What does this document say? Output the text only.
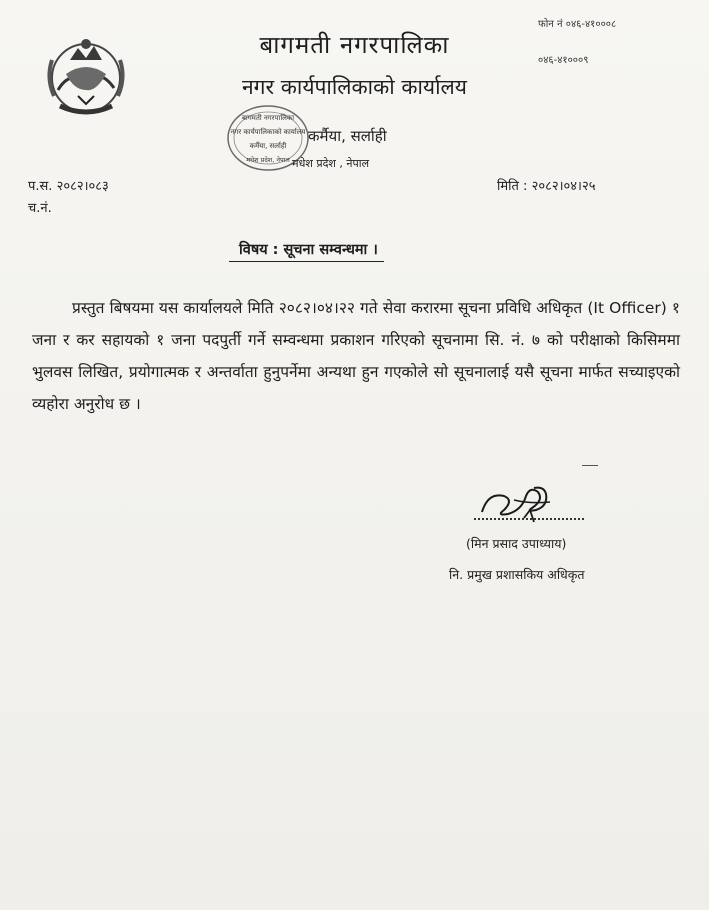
बागमती नगरपालिका
नगर कार्यपालिकाको कार्यालय
कर्मैया, सर्लाही
मधेश प्रदेश , नेपाल
फोन नं ०४६-४१०००८
०४६-४१०००९
बागमती नगरपालिका
नगर कार्यपालिकाको कार्यालय
कर्मैया, सर्लाही
मधेश प्रदेश, नेपाल
प.स. २०८२।०८३
च.नं.
मिति : २०८२।०४।२५
विषय : सूचना सम्वन्धमा ।
प्रस्तुत बिषयमा यस कार्यालयले मिति २०८२।०४।२२ गते सेवा करारमा सूचना प्रविधि अधिकृत (It Officer) १ जना र कर सहायको १ जना पदपुर्ती गर्ने सम्वन्धमा प्रकाशन गरिएको सूचनामा सि. नं. ७ को परीक्षाको किसिममा भुलवस लिखित, प्रयोगात्मक र अन्तर्वाता हुनुपर्नेमा अन्यथा हुन गएकोले सो सूचनालाई यसै सूचना मार्फत सच्याइएको व्यहोरा अनुरोध छ ।
(मिन प्रसाद उपाध्याय)
नि. प्रमुख प्रशासकिय अधिकृत
